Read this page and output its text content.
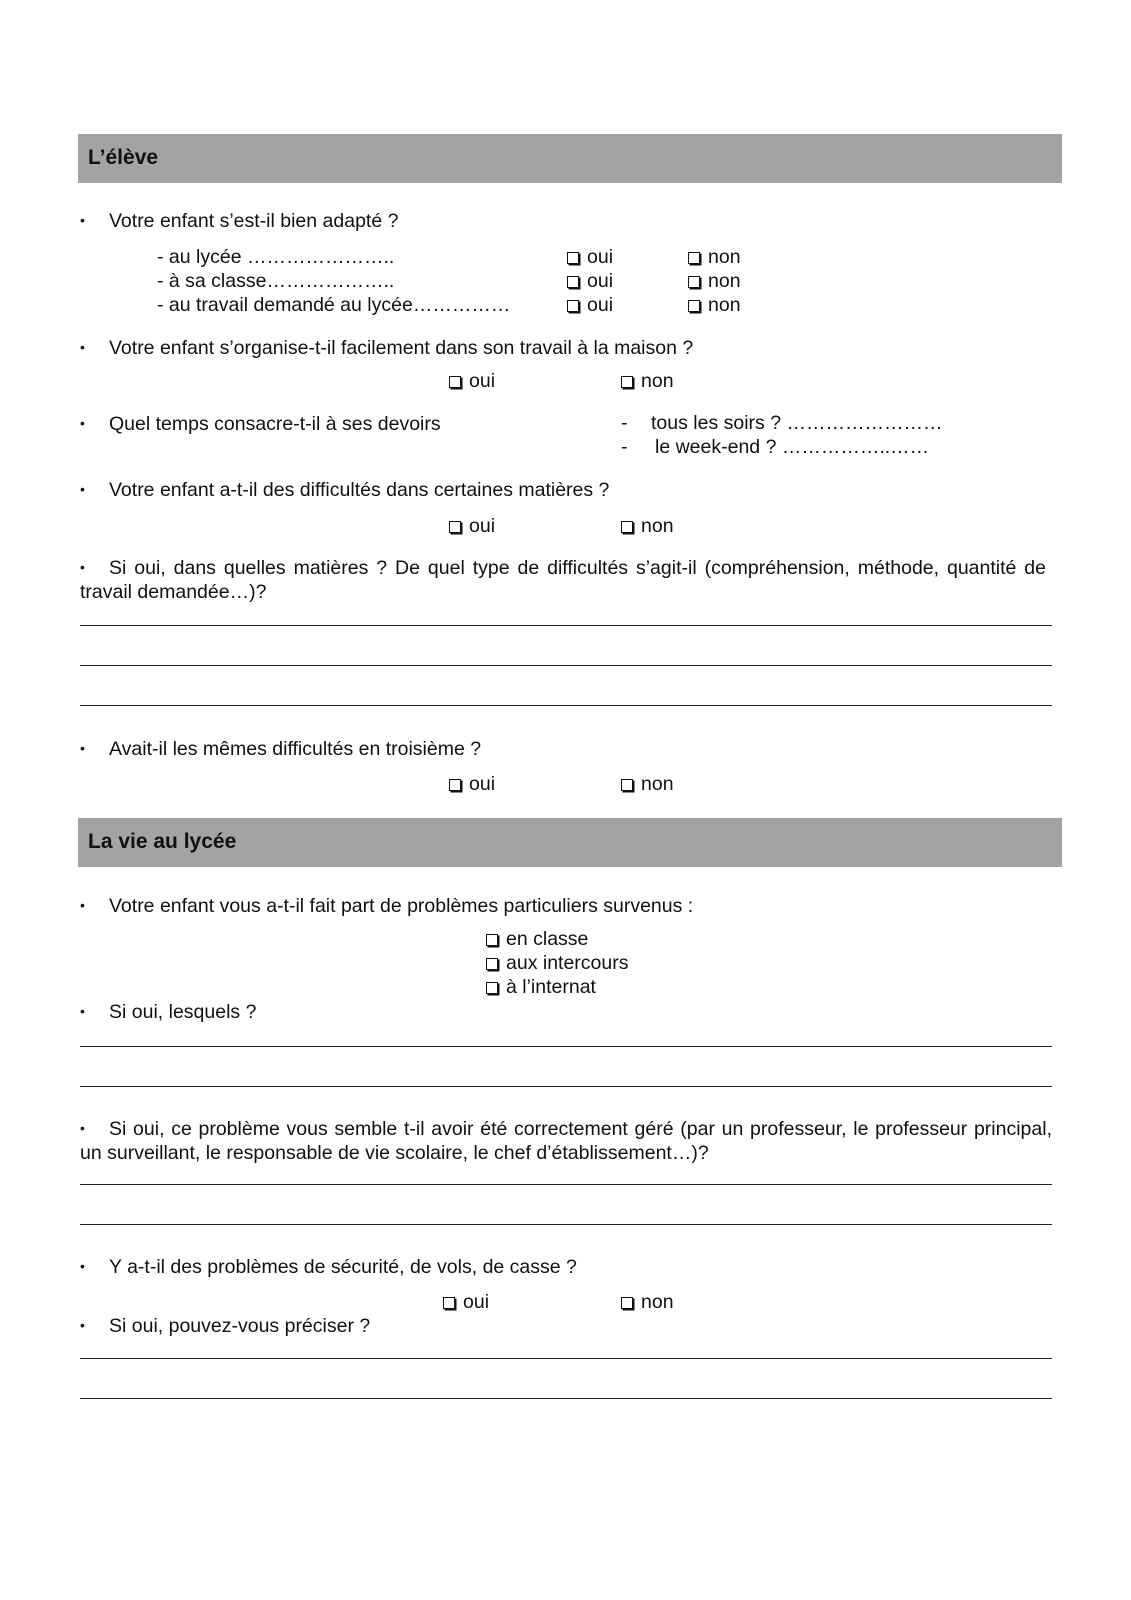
L’élève
• Votre enfant s’est-il bien adapté ?
- au lycée …………………..	oui	non
- à sa classe………………..	oui	non
- au travail demandé au lycée……………	oui	non
• Votre enfant s’organise-t-il facilement dans son travail à la maison ?
oui	non
• Quel temps consacre-t-il à ses devoirs	- tous les soirs ? ……………………
- le week-end ? ……………..……
• Votre enfant a-t-il des difficultés dans certaines matières ?
oui	non
• Si oui, dans quelles matières ? De quel type de difficultés s’agit-il (compréhension, méthode, quantité de travail demandée…)?
• Avait-il les mêmes difficultés en troisième ?
oui	non
La vie au lycée
• Votre enfant vous a-t-il fait part de problèmes particuliers survenus :
en classe
aux intercours
à l’internat
• Si oui, lesquels ?
• Si oui, ce problème vous semble t-il avoir été correctement géré (par un professeur, le professeur principal, un surveillant, le responsable de vie scolaire, le chef d’établissement…)?
• Y a-t-il des problèmes de sécurité, de vols, de casse ?
oui	non
• Si oui, pouvez-vous préciser ?
